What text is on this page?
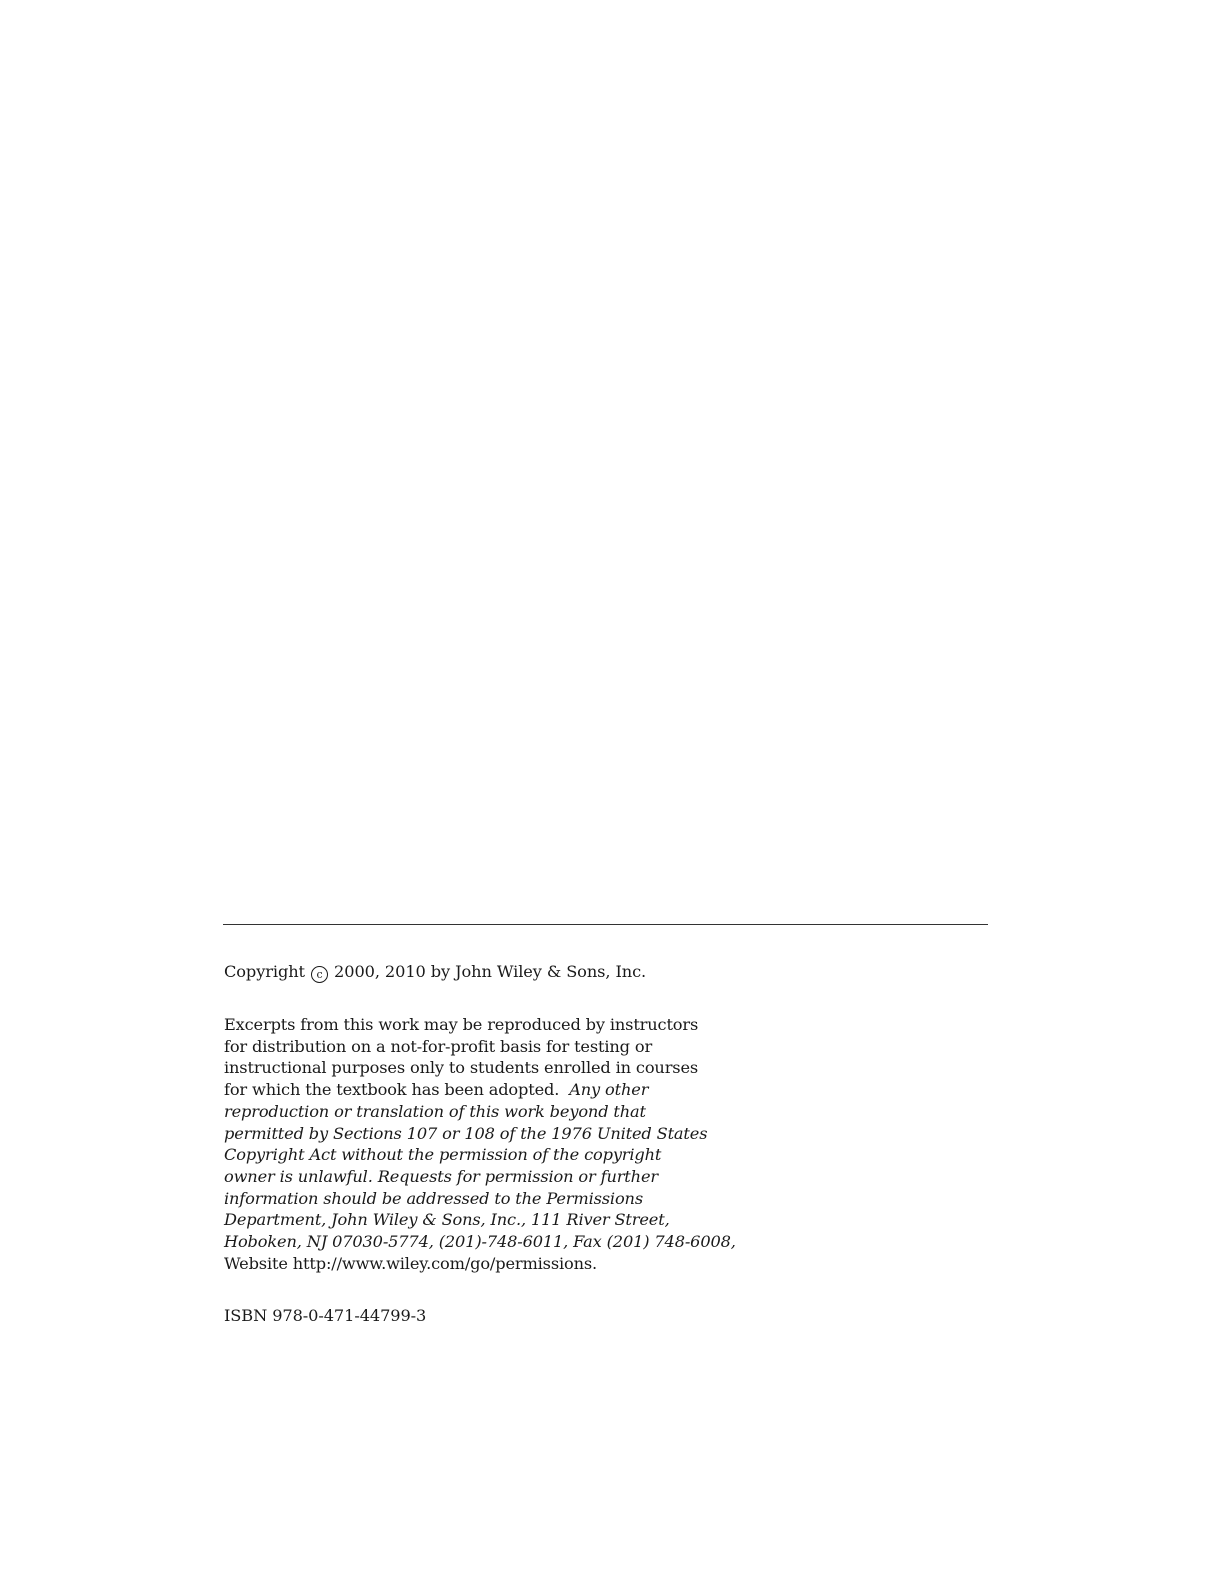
Copyright c 2000, 2010 by John Wiley & Sons, Inc.
Excerpts from this work may be reproduced by instructors
for distribution on a not-for-profit basis for testing or
instructional purposes only to students enrolled in courses
for which the textbook has been adopted. Any other
reproduction or translation of this work beyond that
permitted by Sections 107 or 108 of the 1976 United States
Copyright Act without the permission of the copyright
owner is unlawful. Requests for permission or further
information should be addressed to the Permissions
Department, John Wiley & Sons, Inc., 111 River Street,
Hoboken, NJ 07030-5774, (201)-748-6011, Fax (201) 748-6008,
Website http://www.wiley.com/go/permissions.
ISBN 978-0-471-44799-3
